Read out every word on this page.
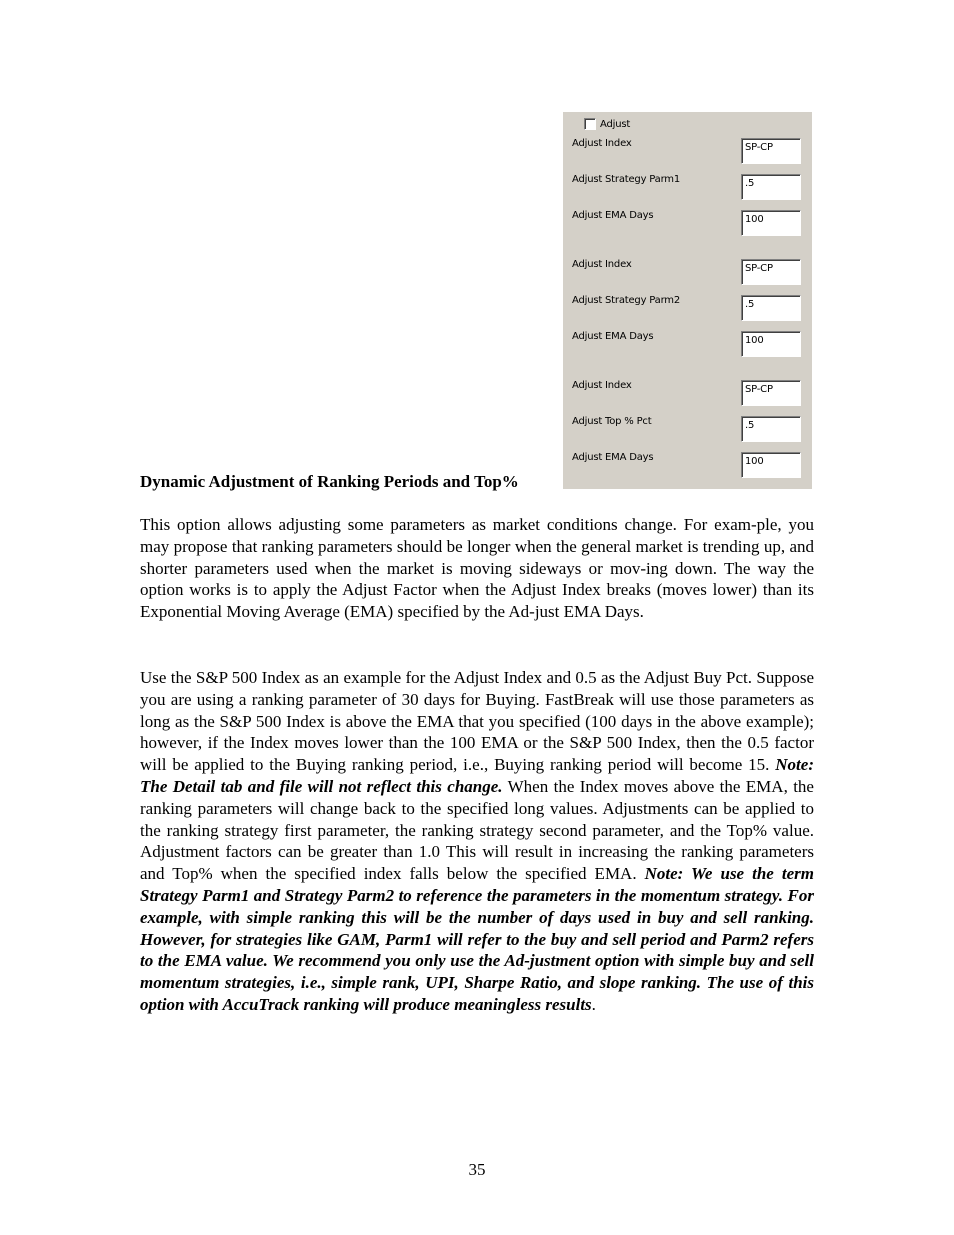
Adjust
Adjust Index	SP-CP
Adjust Strategy Parm1	.5
Adjust EMA Days	100
Adjust Index	SP-CP
Adjust Strategy Parm2	.5
Adjust EMA Days	100
Adjust Index	SP-CP
Adjust Top % Pct	.5
Adjust EMA Days	100
Dynamic Adjustment of Ranking Periods and Top%

This option allows adjusting some parameters as market conditions change. For exam-ple, you may propose that ranking parameters should be longer when the general market is trending up, and shorter parameters used when the market is moving sideways or mov-ing down. The way the option works is to apply the Adjust Factor when the Adjust Index breaks (moves lower) than its Exponential Moving Average (EMA) specified by the Ad-just EMA Days.

Use the S&P 500 Index as an example for the Adjust Index and 0.5 as the Adjust Buy Pct. Suppose you are using a ranking parameter of 30 days for Buying. FastBreak will use those parameters as long as the S&P 500 Index is above the EMA that you specified (100 days in the above example); however, if the Index moves lower than the 100 EMA or the S&P 500 Index, then the 0.5 factor will be applied to the Buying ranking period, i.e., Buying ranking period will become 15. Note: The Detail tab and file will not reflect this change. When the Index moves above the EMA, the ranking parameters will change back to the specified long values. Adjustments can be applied to the ranking strategy first parameter, the ranking strategy second parameter, and the Top% value. Adjustment factors can be greater than 1.0 This will result in increasing the ranking parameters and Top% when the specified index falls below the specified EMA. Note: We use the term Strategy Parm1 and Strategy Parm2 to reference the parameters in the momentum strategy. For example, with simple ranking this will be the number of days used in buy and sell ranking. However, for strategies like GAM, Parm1 will refer to the buy and sell period and Parm2 refers to the EMA value. We recommend you only use the Ad-justment option with simple buy and sell momentum strategies, i.e., simple rank, UPI, Sharpe Ratio, and slope ranking. The use of this option with AccuTrack ranking will produce meaningless results.

35
